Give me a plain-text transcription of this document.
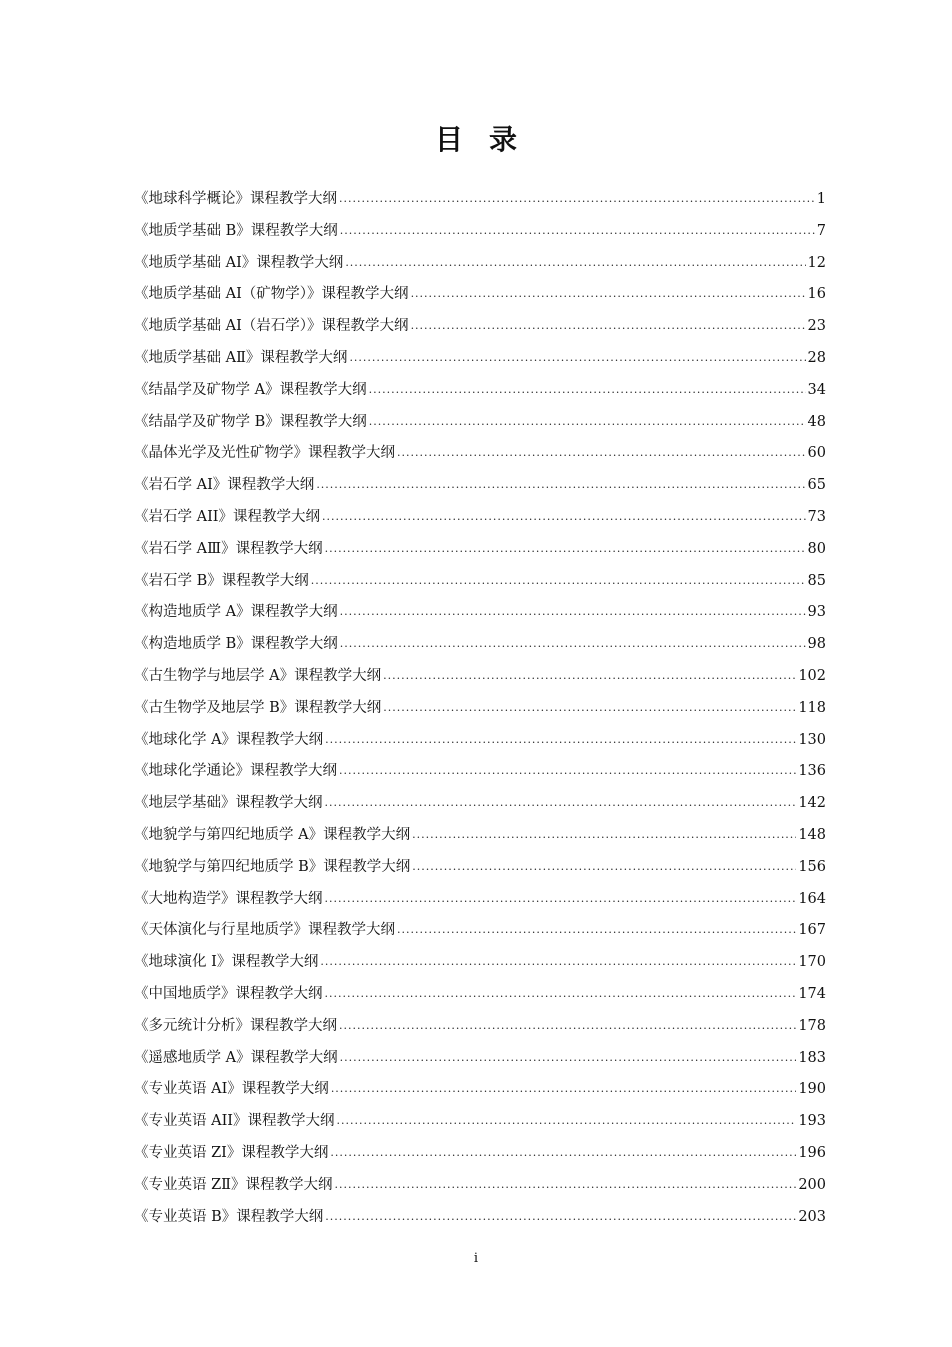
目录
《地球科学概论》课程教学大纲 .....	1
《地质学基础 B》课程教学大纲 .....	7
《地质学基础 AⅠ》课程教学大纲 .....	12
《地质学基础 AI（矿物学）》课程教学大纲 .....	16
《地质学基础 AⅠ（岩石学）》课程教学大纲 .....	23
《地质学基础 AⅡ》课程教学大纲 .....	28
《结晶学及矿物学 A》课程教学大纲 .....	34
《结晶学及矿物学 B》课程教学大纲 .....	48
《晶体光学及光性矿物学》课程教学大纲 .....	60
《岩石学 AI》课程教学大纲 .....	65
《岩石学 AII》课程教学大纲 .....	73
《岩石学 AⅢ》课程教学大纲 .....	80
《岩石学 B》课程教学大纲 .....	85
《构造地质学 A》课程教学大纲 .....	93
《构造地质学 B》课程教学大纲 .....	98
《古生物学与地层学 A》课程教学大纲 .....	102
《古生物学及地层学 B》课程教学大纲 .....	118
《地球化学 A》课程教学大纲 .....	130
《地球化学通论》课程教学大纲 .....	136
《地层学基础》课程教学大纲 .....	142
《地貌学与第四纪地质学 A》课程教学大纲 .....	148
《地貌学与第四纪地质学 B》课程教学大纲 .....	156
《大地构造学》课程教学大纲 .....	164
《天体演化与行星地质学》课程教学大纲 .....	167
《地球演化 I》课程教学大纲 .....	170
《中国地质学》课程教学大纲 .....	174
《多元统计分析》课程教学大纲 .....	178
《遥感地质学 A》课程教学大纲 .....	183
《专业英语 AI》课程教学大纲 .....	190
《专业英语 AII》课程教学大纲 .....	193
《专业英语 ZⅠ》课程教学大纲 .....	196
《专业英语 ZⅡ》课程教学大纲 .....	200
《专业英语 B》课程教学大纲 .....	203
i
